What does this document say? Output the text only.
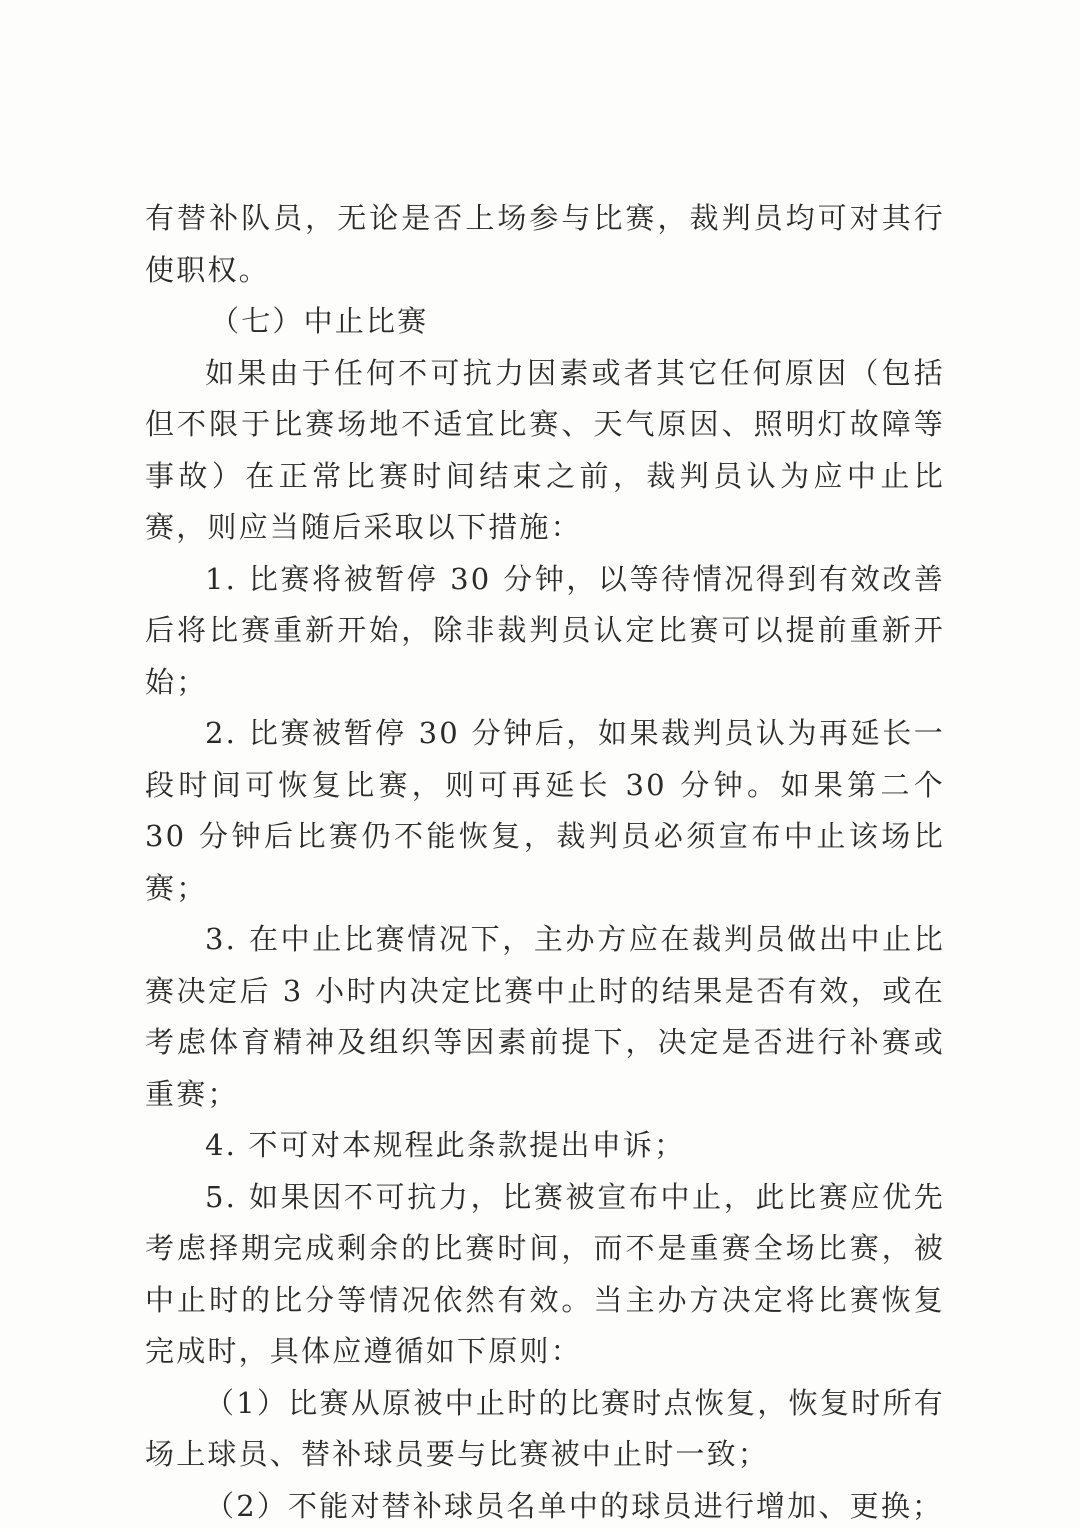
有替补队员，无论是否上场参与比赛，裁判员均可对其行使职权。

（七）中止比赛

如果由于任何不可抗力因素或者其它任何原因（包括但不限于比赛场地不适宜比赛、天气原因、照明灯故障等事故）在正常比赛时间结束之前，裁判员认为应中止比赛，则应当随后采取以下措施：

1. 比赛将被暂停 30 分钟，以等待情况得到有效改善后将比赛重新开始，除非裁判员认定比赛可以提前重新开始；

2. 比赛被暂停 30 分钟后，如果裁判员认为再延长一段时间可恢复比赛，则可再延长 30 分钟。如果第二个 30 分钟后比赛仍不能恢复，裁判员必须宣布中止该场比赛；

3. 在中止比赛情况下，主办方应在裁判员做出中止比赛决定后 3 小时内决定比赛中止时的结果是否有效，或在考虑体育精神及组织等因素前提下，决定是否进行补赛或重赛；

4. 不可对本规程此条款提出申诉；

5. 如果因不可抗力，比赛被宣布中止，此比赛应优先考虑择期完成剩余的比赛时间，而不是重赛全场比赛，被中止时的比分等情况依然有效。当主办方决定将比赛恢复完成时，具体应遵循如下原则：

（1）比赛从原被中止时的比赛时点恢复，恢复时所有场上球员、替补球员要与比赛被中止时一致；

（2）不能对替补球员名单中的球员进行增加、更换；
